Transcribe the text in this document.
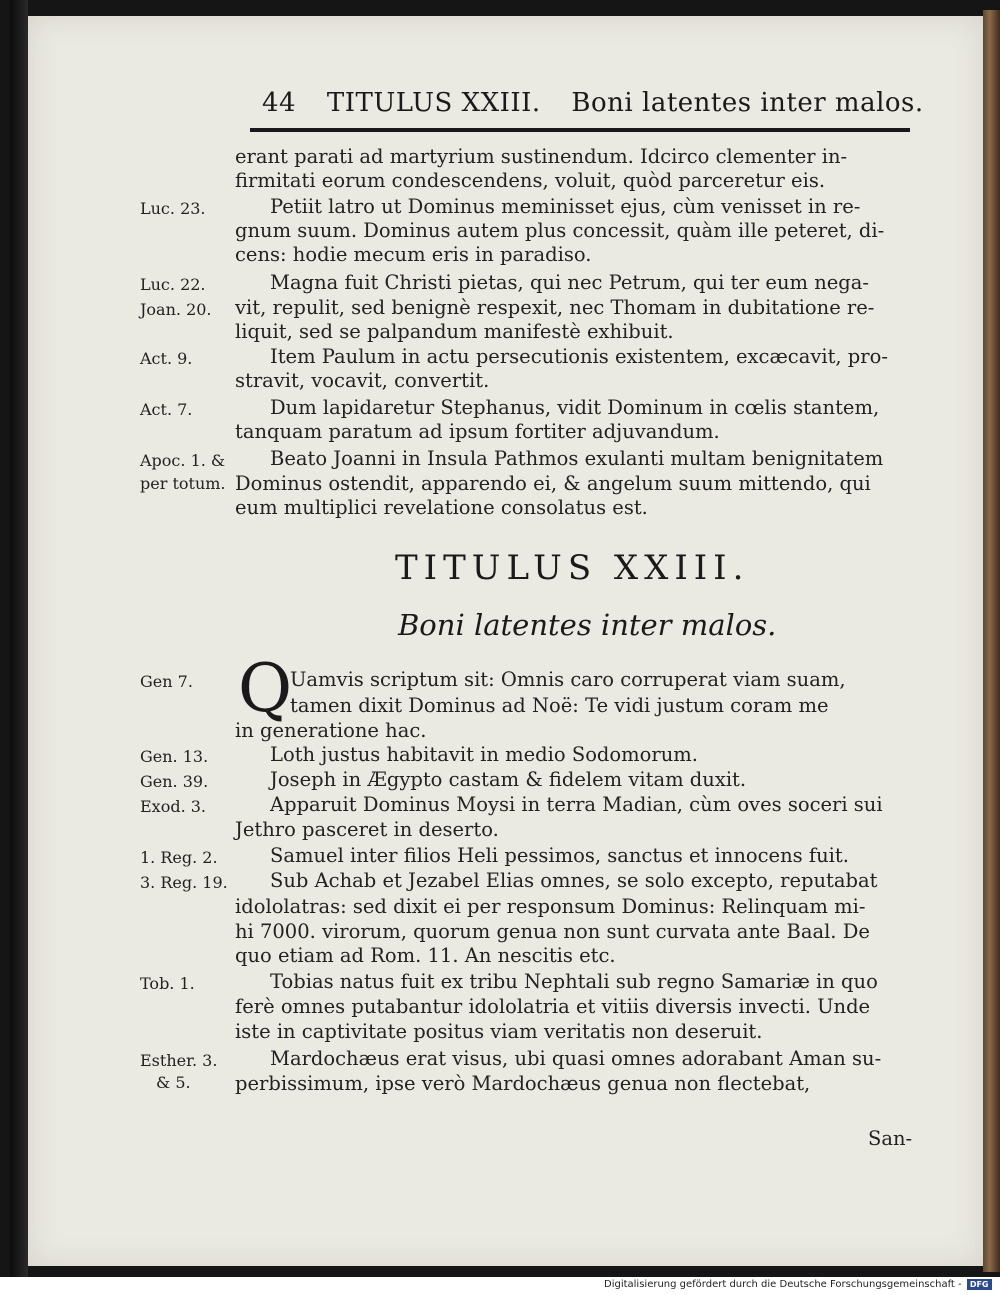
44 TITULUS XXIII. Boni latentes inter malos.
erant parati ad martyrium sustinendum. Idcirco clementer in-
firmitati eorum condescendens, voluit, quòd parceretur eis.
Petiit latro ut Dominus meminisset ejus, cùm venisset in re-
gnum suum. Dominus autem plus concessit, quàm ille peteret, di-
cens: hodie mecum eris in paradiso.
Magna fuit Christi pietas, qui nec Petrum, qui ter eum nega-
vit, repulit, sed benignè respexit, nec Thomam in dubitatione re-
liquit, sed se palpandum manifestè exhibuit.
Item Paulum in actu persecutionis existentem, excæcavit, pro-
stravit, vocavit, convertit.
Dum lapidaretur Stephanus, vidit Dominum in cœlis stantem,
tanquam paratum ad ipsum fortiter adjuvandum.
Beato Joanni in Insula Pathmos exulanti multam benignitatem
Dominus ostendit, apparendo ei, & angelum suum mittendo, qui
eum multiplici revelatione consolatus est.
Luc. 23.
Luc. 22.
Joan. 20.
Act. 9.
Act. 7.
Apoc. 1. &
per totum.
TITULUS XXIII.
Boni latentes inter malos.
Q
Uamvis scriptum sit: Omnis caro corruperat viam suam,
tamen dixit Dominus ad Noë: Te vidi justum coram me
in generatione hac.
Loth justus habitavit in medio Sodomorum.
Joseph in Ægypto castam & fidelem vitam duxit.
Apparuit Dominus Moysi in terra Madian, cùm oves soceri sui
Jethro pasceret in deserto.
Samuel inter filios Heli pessimos, sanctus et innocens fuit.
Sub Achab et Jezabel Elias omnes, se solo excepto, reputabat
idololatras: sed dixit ei per responsum Dominus: Relinquam mi-
hi 7000. virorum, quorum genua non sunt curvata ante Baal. De
quo etiam ad Rom. 11. An nescitis etc.
Tobias natus fuit ex tribu Nephtali sub regno Samariæ in quo
ferè omnes putabantur idololatria et vitiis diversis invecti. Unde
iste in captivitate positus viam veritatis non deseruit.
Mardochæus erat visus, ubi quasi omnes adorabant Aman su-
perbissimum, ipse verò Mardochæus genua non flectebat,
Gen 7.
Gen. 13.
Gen. 39.
Exod. 3.
1. Reg. 2.
3. Reg. 19.
Tob. 1.
Esther. 3.
& 5.
San-
Digitalisierung gefördert durch die Deutsche Forschungsgemeinschaft - DFG
